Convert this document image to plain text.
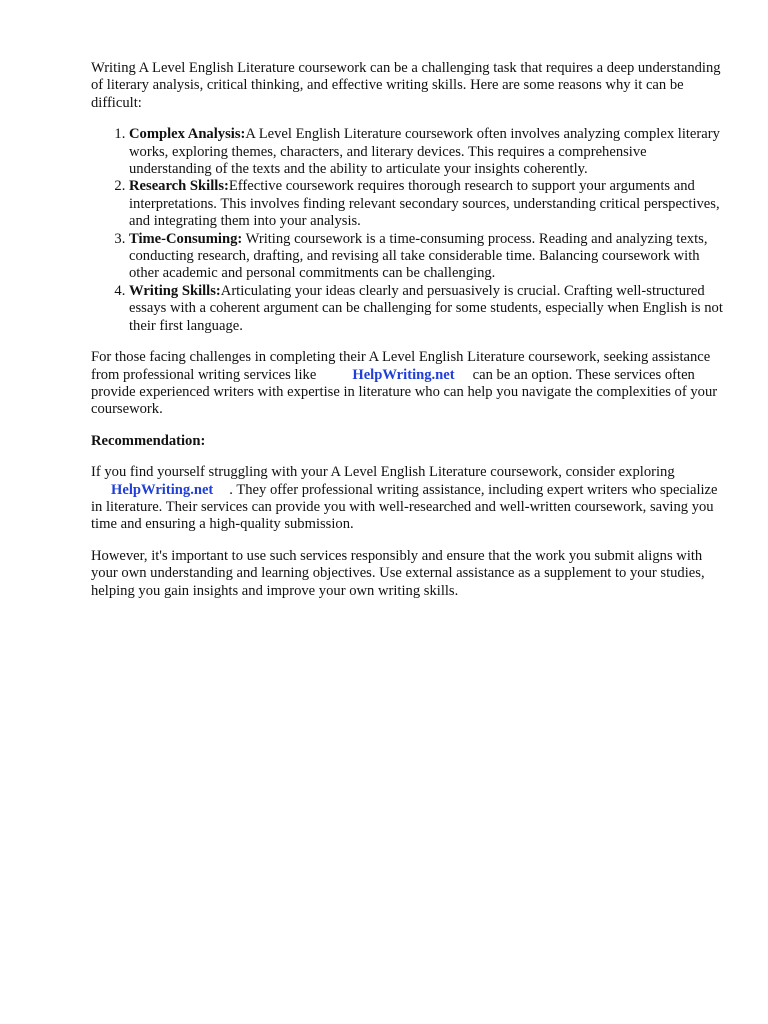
Writing A Level English Literature coursework can be a challenging task that requires a deep understanding of literary analysis, critical thinking, and effective writing skills. Here are some reasons why it can be difficult:

1. Complex Analysis:A Level English Literature coursework often involves analyzing complex literary works, exploring themes, characters, and literary devices. This requires a comprehensive understanding of the texts and the ability to articulate your insights coherently.
2. Research Skills:Effective coursework requires thorough research to support your arguments and interpretations. This involves finding relevant secondary sources, understanding critical perspectives, and integrating them into your analysis.
3. Time-Consuming: Writing coursework is a time-consuming process. Reading and analyzing texts, conducting research, drafting, and revising all take considerable time. Balancing coursework with other academic and personal commitments can be challenging.
4. Writing Skills:Articulating your ideas clearly and persuasively is crucial. Crafting well-structured essays with a coherent argument can be challenging for some students, especially when English is not their first language.

For those facing challenges in completing their A Level English Literature coursework, seeking assistance from professional writing services like HelpWriting.net can be an option. These services often provide experienced writers with expertise in literature who can help you navigate the complexities of your coursework.

Recommendation:

If you find yourself struggling with your A Level English Literature coursework, consider exploring
HelpWriting.net . They offer professional writing assistance, including expert writers who specialize in literature. Their services can provide you with well-researched and well-written coursework, saving you time and ensuring a high-quality submission.

However, it's important to use such services responsibly and ensure that the work you submit aligns with your own understanding and learning objectives. Use external assistance as a supplement to your studies, helping you gain insights and improve your own writing skills.
